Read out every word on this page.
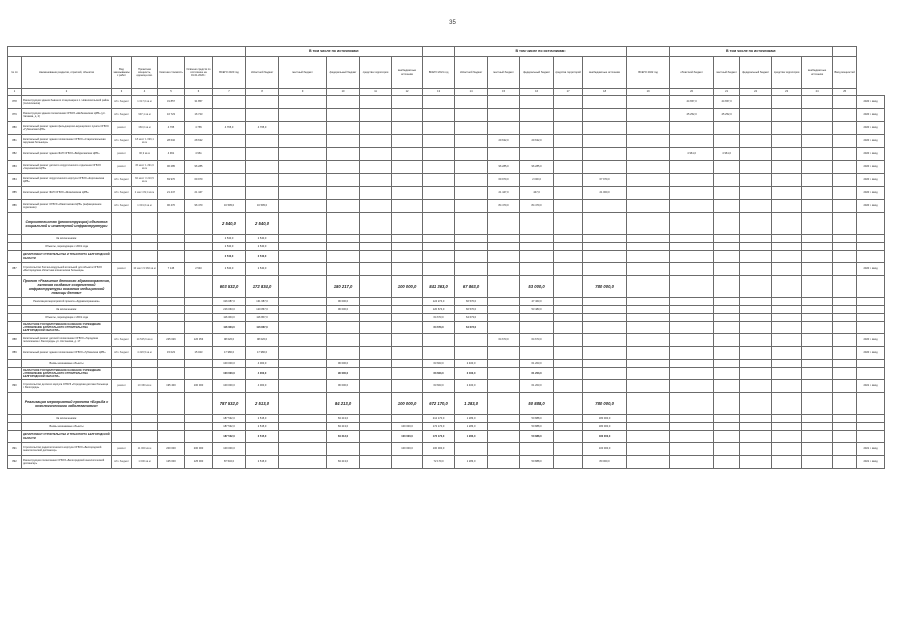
35
							В том числе по источникам:						В том числе по источникам:						В том числе по источникам:						
№ пп	Наименование разделов, отраслей, объектов	Вид заказываемых работ	Проектная мощность, единица изм.	Сметная стоимость	Освоено средств по состоянию на 01.01.2020 г.	ВСЕГО 2020 год	областной бюджет	местный бюджет	федеральный бюджет	средства территории	внебюджетные источники	ВСЕГО 2021 год	областной бюджет	местный бюджет	федеральный бюджет	средства территорий	внебюджетные источники	ВСЕГО 2022 год	областной бюджет	местный бюджет	федеральный бюджет	средства территории	внебюджетные источники	Ввод мощностей	
1	2	3	4	5	6	7	8	9	10	11	12	13	14	15	16	17	18	19	20	21	22	23	24	25	
878	Реконструкция здания бывшего стационара в п. Новооскольский район (поликлиника)	обл. бюджет	1 017,0 кв.м	31 857	31 857														44 657,0	44 657,0					2020 г. ввод
879	Реконструкция здания поликлиники ОГБУЗ «Шебекинская ЦРБ» (ул. Чапаева, д. 2)	обл. бюджет	997,1 кв.м	16 723	16 723														45 252,0	45 252,0					2020 г. ввод
880	Капитальный ремонт здания фельдшерско-акушерского пункта ОГБУЗ «Губкинская ЦРБ»	ремонт	360,0 кв.м	4 765	4 765	4 765,0	4 765,0																		2020 г. ввод
881	Капитальный ремонт здания поликлиники ОГБУЗ «Старооскольская окружная больница»	обл. бюджет	18 мест 1 096,1 кв.м	28 632	28 632									29 632,0	29 632,0										2020 г. ввод
882	Капитальный ремонт здания ФАП ОГБУЗ «Вейделевская ЦРБ»	ремонт	96,9 кв.м	4 961	4 961														4 961,0	4 961,0					2020 г. ввод
883	Капитальный ремонт детского хирургического отделения ОГБУЗ «Чернянская ЦРБ»	ремонт	45 мест 1 291,6 кв.м	96 285	96 285									96 285,0	96 285,0										2020 г. ввод
884	Капитальный ремонт хирургического корпуса ОГБУЗ «Корочанская ЦРБ»	обл. бюджет	60 мест 3 210,5 кв.м	69 970	69 970									69 970,0	2 000,0		67 970,0								2020 г. ввод
885	Капитальный ремонт ФАП ОГБУЗ «Яковлевская ЦРБ»	обл. бюджет	2 мест 82,4 кв.м	21 447	21 447									21 447,0	447,0		21 000,0								2020 г. ввод
886	Капитальный ремонт ОГБУЗ «Ракитянская ЦРБ» (инфекционное отделение)	обл. бюджет	1 001,6 кв.м	96 470	96 470	16 595,0	16 595,0							84 470,0	84 470,0										2020 г. ввод
	Строительство (реконструкция) объектов социальной и инженерной инфраструктуры					2 540,0	2 540,0																		
	За исключением:					2 540,0	2 540,0																		
	Объекты, переходящие с 2019 года					2 540,0	2 540,0																		
	ДЕПАРТАМЕНТ СТРОИТЕЛЬСТВА И ТРАНСПОРТА БЕЛГОРОДСКОЙ ОБЛАСТИ					2 540,0	2 540,0																		
887	Строительство блочно-модульной котельной для объекта ОГБУЗ «Белгородская областная клиническая больница»	ремонт	10 мест 9 360 кв.м	7 145	2 540	2 540,0	2 540,0																		2020 г. ввод
	Проект «Развитие детского здравоохранения, включая создание современной инфраструктуры оказания медицинской помощи детям»					603 532,0	172 834,0		180 217,0		100 000,0	841 363,0	67 863,0		53 000,0		780 000,0								
	Реализация мероприятий проекта «Здравоохранение»					316 087,0	131 687,0		96 000,0			124 274,0	66 570,0		47 463,0										
	За исключением:					216 063,0	120 867,0		96 000,0			120 674,0	66 570,0		53 483,0										
	Объекты, переходящие с 2019 года					116 063,0	116 867,0					64 673,0	64 673,0												
	ОБЛАСТНОЕ ГОСУДАРСТВЕННОЕ КАЗЕННОЕ УЧРЕЖДЕНИЕ «УПРАВЛЕНИЕ КАПИТАЛЬНОГО СТРОИТЕЛЬСТВА БЕЛГОРОДСКОЙ ОБЛАСТИ»					116 063,0	116 867,0					64 673,0	64 673,0												
888	Капитальный ремонт детской поликлиники ОГБУЗ «Городская поликлиника г. Белгорода» ул. Костюкова, д. 17	обл. бюджет	14 525,6 кв.м	225 026	126 353	98 026,0	98 026,0							64 673,0	64 673,0										2020 г. ввод
889	Капитальный ремонт здания поликлиники ОГБУЗ «Губкинская ЦРБ»	обл. бюджет	4 226,5 кв.м	15 023	15 023	17 980,0	17 980,0																		2020 г. ввод
	Вновь начинаемые объекты					100 000,0	4 000,0		96 000,0			63 603,0	2 400,0		61 203,0										
	ОБЛАСТНОЕ ГОСУДАРСТВЕННОЕ КАЗЕННОЕ УЧРЕЖДЕНИЕ «УПРАВЛЕНИЕ КАПИТАЛЬНОГО СТРОИТЕЛЬСТВА БЕЛГОРОДСКОЙ ОБЛАСТИ»					100 000,0	4 000,0		96 000,0			63 603,0	2 400,0		61 203,0										
890	Строительство детского корпуса ОГБУЗ «Городская детская больница г. Белгорода»	ремонт	10 360 кв.м	195 400	100 000	100 000,0	4 000,0		96 000,0			63 603,0	2 400,0		61 203,0										2021 г. ввод
	Реализация мероприятий проекта «Борьба с онкологическими заболеваниями»					787 532,0	2 513,0		84 213,0		100 000,0	672 170,0	1 283,0		50 888,0		780 000,0								
	За исключением:					187 532,0	2 515,0		84 213,0			212 170,0	1 283,0		50 888,0		180 000,0								
	Вновь начинаемые объекты					187 532,0	2 515,0		84 213,0		100 000,0	172 170,0	1 283,0		50 888,0		180 000,0								
	ДЕПАРТАМЕНТ СТРОИТЕЛЬСТВА И ТРАНСПОРТА БЕЛГОРОДСКОЙ ОБЛАСТИ					187 532,0	2 515,0		84 213,0		100 000,0	172 170,0	1 283,0		50 888,0		180 000,0								
891	Строительство радиологического корпуса ОГБУЗ «Белгородский онкологический диспансер»	ремонт	11 000 кв.м	200 000	200 000	100 000,0					100 000,0	100 000,0					100 000,0								2021 г. ввод
892	Реконструкция поликлиники ОГБУЗ «Белгородский онкологический диспансер»	обл. бюджет	1 000 кв.м	125 000	125 000	87 532,0	2 515,0		84 213,0			72 170,0	1 283,0		50 888,0		80 000,0								2021 г. ввод
